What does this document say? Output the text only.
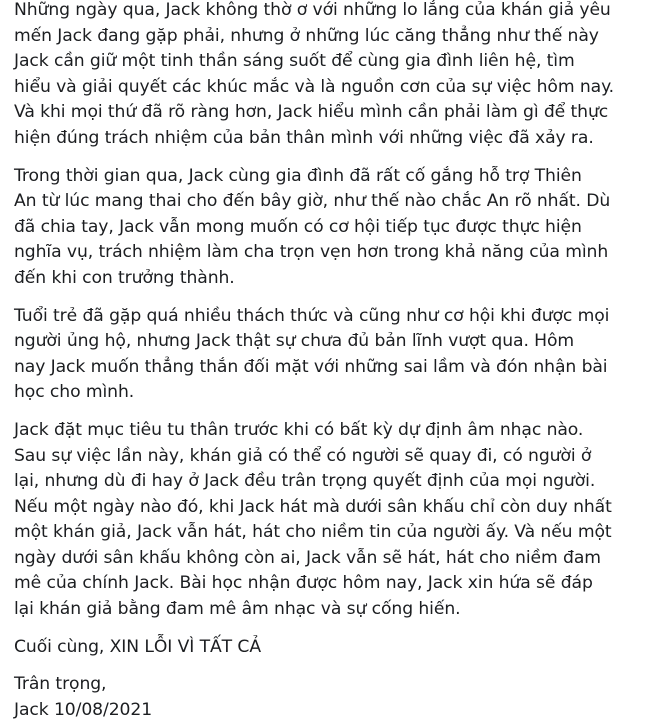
Những ngày qua, Jack không thờ ơ với những lo lắng của khán giả yêu
mến Jack đang gặp phải, nhưng ở những lúc căng thẳng như thế này
Jack cần giữ một tinh thần sáng suốt để cùng gia đình liên hệ, tìm
hiểu và giải quyết các khúc mắc và là nguồn cơn của sự việc hôm nay.
Và khi mọi thứ đã rõ ràng hơn, Jack hiểu mình cần phải làm gì để thực
hiện đúng trách nhiệm của bản thân mình với những việc đã xảy ra.
Trong thời gian qua, Jack cùng gia đình đã rất cố gắng hỗ trợ Thiên
An từ lúc mang thai cho đến bây giờ, như thế nào chắc An rõ nhất. Dù
đã chia tay, Jack vẫn mong muốn có cơ hội tiếp tục được thực hiện
nghĩa vụ, trách nhiệm làm cha trọn vẹn hơn trong khả năng của mình
đến khi con trưởng thành.
Tuổi trẻ đã gặp quá nhiều thách thức và cũng như cơ hội khi được mọi
người ủng hộ, nhưng Jack thật sự chưa đủ bản lĩnh vượt qua. Hôm
nay Jack muốn thẳng thắn đối mặt với những sai lầm và đón nhận bài
học cho mình.
Jack đặt mục tiêu tu thân trước khi có bất kỳ dự định âm nhạc nào.
Sau sự việc lần này, khán giả có thể có người sẽ quay đi, có người ở
lại, nhưng dù đi hay ở Jack đều trân trọng quyết định của mọi người.
Nếu một ngày nào đó, khi Jack hát mà dưới sân khấu chỉ còn duy nhất
một khán giả, Jack vẫn hát, hát cho niềm tin của người ấy. Và nếu một
ngày dưới sân khấu không còn ai, Jack vẫn sẽ hát, hát cho niềm đam
mê của chính Jack. Bài học nhận được hôm nay, Jack xin hứa sẽ đáp
lại khán giả bằng đam mê âm nhạc và sự cống hiến.
Cuối cùng, XIN LỖI VÌ TẤT CẢ
Trân trọng,
Jack 10/08/2021
